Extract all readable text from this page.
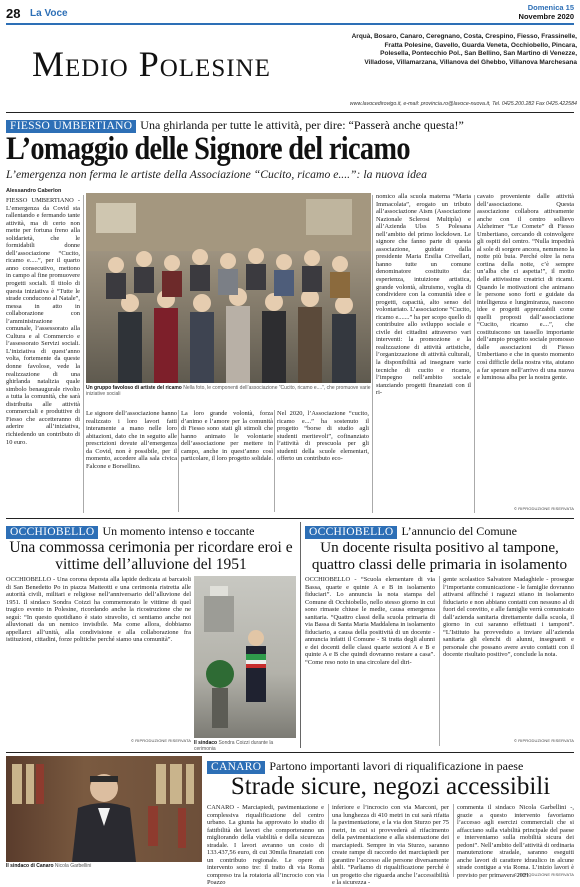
28 La Voce
Domenica 15
Novembre 2020
Medio Polesine
Arquà, Bosaro, Canaro, Ceregnano, Costa, Crespino, Fiesso, Frassinelle,
Fratta Polesine, Gavello, Guarda Veneta, Occhiobello, Pincara,
Polesella, Pontecchio Pol., San Bellino, San Martino di Venezze,
Villadose, Villamarzana, Villanova del Ghebbo, Villanova Marchesana
www.lavocedirovigo.it, e-mail: provincia.ro@lavoce-nuova.it, Tel. 0425.200.282 Fax 0425.422584
FIESSO UMBERTIANO Una ghirlanda per tutte le attività, per dire: “Passerà anche questa!”
L’omaggio delle Signore del ricamo
L’emergenza non ferma le artiste della Associazione “Cucito, ricamo e....”: la nuova idea
Alessandro Caberlon
FIESSO UMBERTIANO - L’emergenza da Covid sta rallentando e fermando tante attività, ma di certo non mette per fortuna freno alla solidarietà, che le formidabili donne dell’associazione “Cucito, ricamo e.....”, per il quarto anno consecutivo, mettono in campo al fine promuovere progetti sociali. Il titolo di questa iniziativa è “Tutte le strade conducono al Natale”, messa in atto in collaborazione con l’amministrazione comunale, l’assessorato alla Cultura e al Commercio e l’assessorato Servizi sociali. L’iniziativa di quest’anno volta, fortemente da queste donne favolose, vede la realizzazione di una ghirlanda natalizia quale simbolo benaugurale rivolto a tutta la comunità, che sarà distribuita alle attività commerciali e produttive di Fiesso che accetteranno di aderire all’iniziativa, richiedendo un contributo di 10 euro.
Un gruppo favoloso di artiste del ricamo Nella foto, le componenti dell’associazione “Cucito, ricamo e....”, che promuove varie iniziative sociali
Le signore dell’associazione hanno realizzato i loro lavori fatti interamente a mano nelle loro abitazioni, dato che in seguito alle prescrizioni dovute all’emergenza da Covid, non è possibile, per il momento, accedere alla sala civica Falcone e Borsellino.
La loro grande volontà, forza d’animo e l’amore per la comunità di Fiesso sono stati gli stimoli che hanno animato le volontarie dell’associazione per mettere in campo, anche in quest’anno così particolare, il loro progetto solidale.
Nel 2020, l’Associazione “cucito, ricamo e....” ha sostenuto il progetto “borse di studio agli studenti meritevoli”, cofinanziato l’attività di prescuola per gli studenti della scuole elementari, offerto un contributo eco-
nomico alla scuola materna “Maria Immacolata”, erogato un tributo all’associazione Aism (Associazione Nazionale Sclerosi Multipla) e all’Azienda Ulss 5 Polesana nell’ambito del primo lockdown. Le signore che fanno parte di questa associazione, guidate dalla presidente Maria Ersilia Crivellari, hanno tutte un comune denominatore costituito da: esperienza, intuizione artistica, grande volontà, altruismo, voglia di condividere con la comunità idee e progetti, capacità, alto senso del volontariato. L’associazione “Cucito, ricamo e.......” ha per scopo quello di contribuire allo sviluppo sociale e civile dei cittadini attraverso vari interventi: la promozione e la realizzazione di attività artistiche, l’organizzazione di attività culturali, la disponibilità ad insegnare varie tecniche di cucito e ricamo, l’impegno nell’ambito sociale stanziando progetti finanziati con il ri-
cavato proveniente dalle attività dell’associazione. Questa associazione collabora attivamente anche con il centro sollievo Alzheimer “Le Comete” di Fiesso Umbertiano, cercando di coinvolgere gli ospiti del centro. “Nulla impedirà al sole di sorgere ancora, nemmeno la notte più buia. Perché oltre la nera cortina della notte, c’è sempre un’alba che ci aspetta!”, il motto delle attivissime creatrici di ricami. Quando le motivazioni che animano le persone sono forti e guidate da intelligenza e lungimiranza, nascono idee e progetti apprezzabili come quelli proposti dall’associazione “Cucito, ricamo e....”, che costituiscono un tassello importante dell’ampio progetto sociale promosso dalle associazioni di Fiesso Umbertiano e che in questo momento così difficile della nostra vita, aiutano a far sperare nell’arrivo di una nuova e luminosa alba per la nostra gente.
© RIPRODUZIONE RISERVATA
OCCHIOBELLO Un momento intenso e toccante
Una commossa cerimonia per ricordare eroi e vittime dell’alluvione del 1951
OCCHIOBELLO - Una corona deposta alla lapide dedicata ai barcaioli di San Benedetto Po in piazza Matteotti e una cerimonia ristretta alle autorità civili, militari e religiose nell’anniversario dell’alluvione del 1951. Il sindaco Sondra Coizzi ha commemorato le vittime di quel tragico evento in Polesine, ricordando anche la ricostruzione che ne seguì: “In questo quotidiano è stato stravolto, ci sentiamo anche noi alluvionati da un nemico invisibile. Ma come allora, dobbiamo appellarci all’unità, alla condivisione e alla collaborazione fra istituzioni, cittadini, forze politiche perché siamo una comunità”.
© RIPRODUZIONE RISERVATA Il sindaco Sondra Coizzi durante la cerimonia
OCCHIOBELLO L’annuncio del Comune
Un docente risulta positivo al tampone, quattro classi delle primaria in isolamento
OCCHIOBELLO - “Scuola elementare di via Bassa, quarte e quinte A e B in isolamento fiduciari”. Lo annuncia la nota stampa del Comune di Occhiobello, nello stesso giorno in cui sono rimaste chiuse le medie, causa emergenza sanitaria. “Quattro classi della scuola primaria di via Bassa di Santa Maria Maddalena in isolamento fiduciario, a causa della positività di un docente - annuncia infatti il Comune - Si tratta degli alunni e dei docenti delle classi quarte sezioni A e B e quinte A e B che quindi dovranno restare a casa”. “Come reso noto in una circolare del diri-
gente scolastico Salvatore Madaghiele - prosegue l’importante comunicazione - le famiglie dovranno attivarsi affinché i ragazzi stiano in isolamento fiduciario e non abbiano contatti con nessuno al di fuori del convitto, e alle famiglie verrà comunicato dall’azienda sanitaria direttamente dalla scuola, il giorno in cui saranno effettuati i tamponi”. “L’Istituto ha provveduto a inviare all’azienda sanitaria gli elenchi di alunni, insegnanti e personale che possano avere avuto contatti con il docente risultato positivo”, conclude la nota.
© RIPRODUZIONE RISERVATA
Il sindaco di Canaro Nicola Garbellini
CANARO Partono importanti lavori di riqualificazione in paese
Strade sicure, negozi accessibili
CANARO - Marciapiedi, pavimentazione e complessiva riqualificazione del centro urbano. La giunta ha approvato lo studio di fattibilità dei lavori che comporteranno un migliorando della viabilità e della sicurezza stradale. I lavori avranno un costo di 133.437,56 euro, di cui 30mila finanziati con un contributo regionale. Le opere di intervento sono tre: il tratto di via Roma compreso tra la rotatoria all’incrocio con via Poazzo
inferiore e l’incrocio con via Marconi, per una lunghezza di 410 metri in cui sarà rifatta la pavimentazione, e la via don Sturzo per 75 metri, in cui si provvederà al rifacimento della pavimentazione e alla sistemazione dei marciapiedi. Sempre in via Sturzo, saranno create rampe di raccordo dei marciapiedi per garantire l’accesso alle persone diversamente abili. “Parliamo di riqualificazione perché è un progetto che riguarda anche l’accessibilità e la sicurezza -
commenta il sindaco Nicola Garbellini -, grazie a questo intervento favoriamo l’accesso agli esercizi commerciali che si affacciano sulla viabilità principale del paese e interveniamo sulla mobilità sicura dei pedoni”. Nell’ambito dell’attività di ordinaria manutenzione stradale, saranno eseguiti anche lavori di carattere idraulico in alcune strade contigue a via Roma. L’inizio lavori è previsto per primavera 2021.
© RIPRODUZIONE RISERVATA
